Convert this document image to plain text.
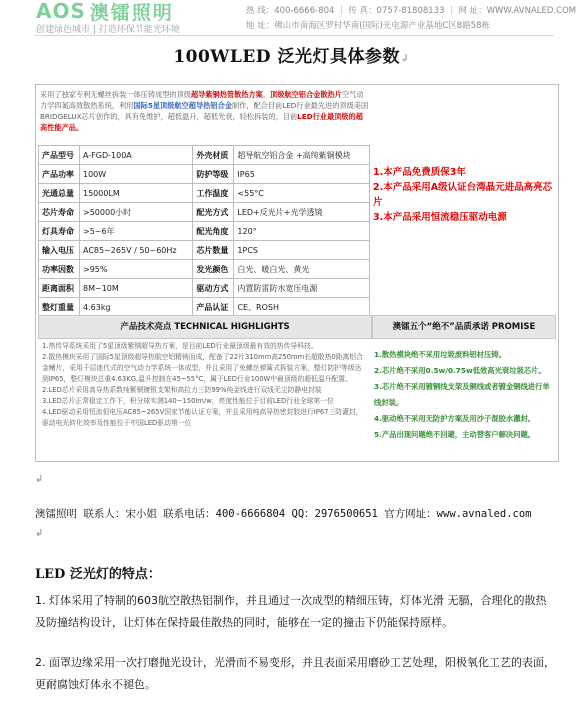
AOS 澳镭照明
创建绿色城市 | 打造环保节能光环境
热 线：400-6666-804 ｜ 传 真：0757-81808133 ｜ 网 址：WWW.AVNALED.COM
地 址：佛山市南海区罗村华南(国际)光电源产业基地C区8路58栋
100WLED 泛光灯具体参数↲
采用了独家专利无螺丝拆装一体压铸成型的顶级超导紫铜热管散热方案，顶级航空铝合金散热片空气动力学四氮高效散热系统，利用国际5星顶级航空超导热铝合金制作，配合目前LED行业最先进的顶级美国BRIDGELUX芯片创作的，具有免维护，超低温升，超低光衰，轻松拆装的，目前LED行业最顶级的超高性能产品。
产品型号	A-FGD-100A	外壳材质	超导航空铝合金 +高纯紫铜模块
产品功率	100W	防护等级	IP65
光通总量	15000LM	工作温度	<55°C
芯片寿命	>50000小时	配光方式	LED+反光片+光学透镜
灯具寿命	>5~6年	配光角度	120°
输入电压	AC85~265V / 50~60Hz	芯片数量	1PCS
功率因数	>95%	发光颜色	白光、暖白光、黄光
距离面积	8M~10M	驱动方式	内置防雷防水宽压电源
整灯重量	4.63kg	产品认证	CE、ROSH
1.本产品免费质保3年
2.本产品采用A级认证台湾晶元进品高亮芯片
3.本产品采用恒流稳压驱动电源
产品技术亮点 TECHNICAL HIGHLIGHTS	澳镭五个“绝不”品质承诺 PROMISE
1.热传导系统采用了5星顶级紫铜超导热方案，是目前LED行业最顶级最有效的热传导科技。
2.散热模块采用了国际5星顶级超导热航空铝精铸而成，配备了22片310mm高250mm长超散热0距离铝合金鳍片，采用千层迷代式的空气动力学系统一体成型，并且采用了免螺丝弹簧式拆装方案，整灯防护等级达到IP65，整灯模块总重4.63KG,温升控制在45~55°C，属于LED行业100W中最顶级的超低温升配置。
2.LED芯片采用高导热系数纯紫铜镀银支架和高拉力三防99%纯金线进行双线无尘防静电封装
3.LED芯片正常稳定工作下，积分球实测140~150lm/w，亮度性能位于目前LED行业全球第一位
4.LED驱动采用恒流恒电压AC85~265V国家节能认证方案，并且采用纯高导热密封胶进行IP67三防灌封，驱动电光转化效率及性能位于中国LED驱动第一位
1.散热模块绝不采用垃圾废料铝材压铸。
2.芯片绝不采用0.5w/0.75w低效高光衰垃圾芯片。
3.芯片绝不采用镀铜线支架及铜线或者镀金铜线进行单线封装。
4.驱动绝不采用无防护方案及用沙子混胶水灌封。
5.产品出现问题绝不回避，主动替客户解决问题。
↲
澳镭照明 联系人：宋小姐 联系电话：400-6666804 QQ：2976500651 官方网址：www.avnaled.com
↲
LED 泛光灯的特点：
1. 灯体采用了特制的603航空散热铝制作，并且通过一次成型的精细压铸，灯体光滑 无膈，合理化的散热及防撞结构设计，让灯体在保持最佳散热的同时，能够在一定的撞击下仍能保持原样。
2. 面罩边缘采用一次打磨抛光设计，光滑而不易变形，并且表面采用磨砂工艺处理，阳极氧化工艺的表面，更耐腐蚀灯体永不褪色。
